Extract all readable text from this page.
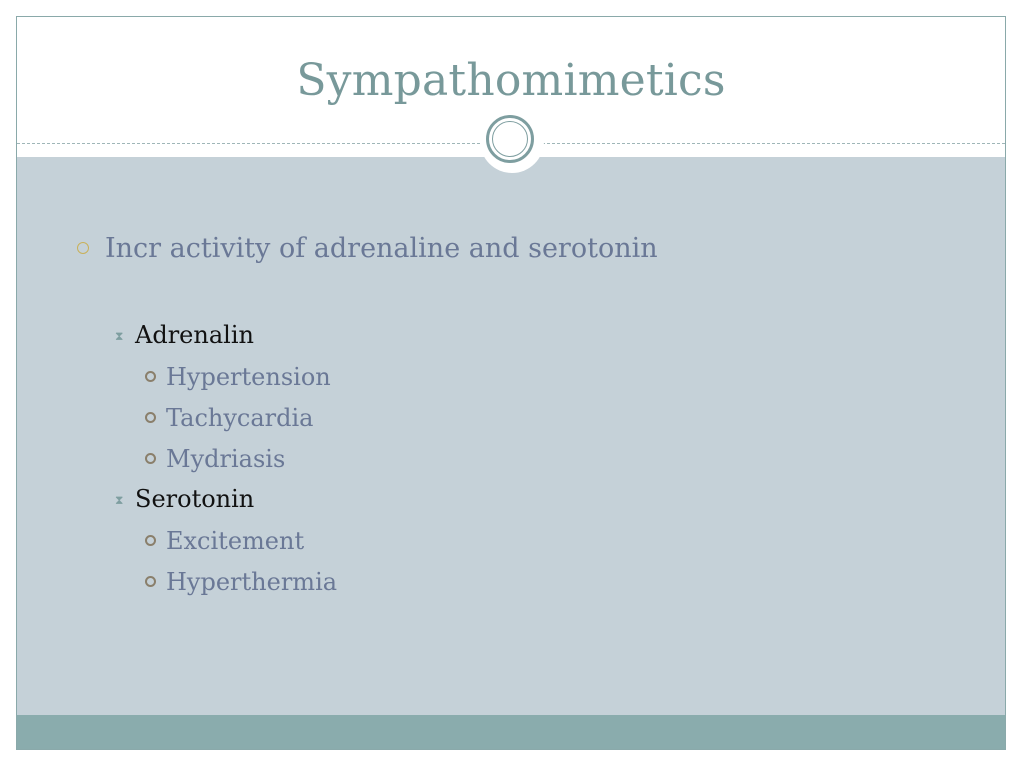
Sympathomimetics
Incr activity of adrenaline and serotonin
⧗ Adrenalin
Hypertension
Tachycardia
Mydriasis
⧗ Serotonin
Excitement
Hyperthermia
